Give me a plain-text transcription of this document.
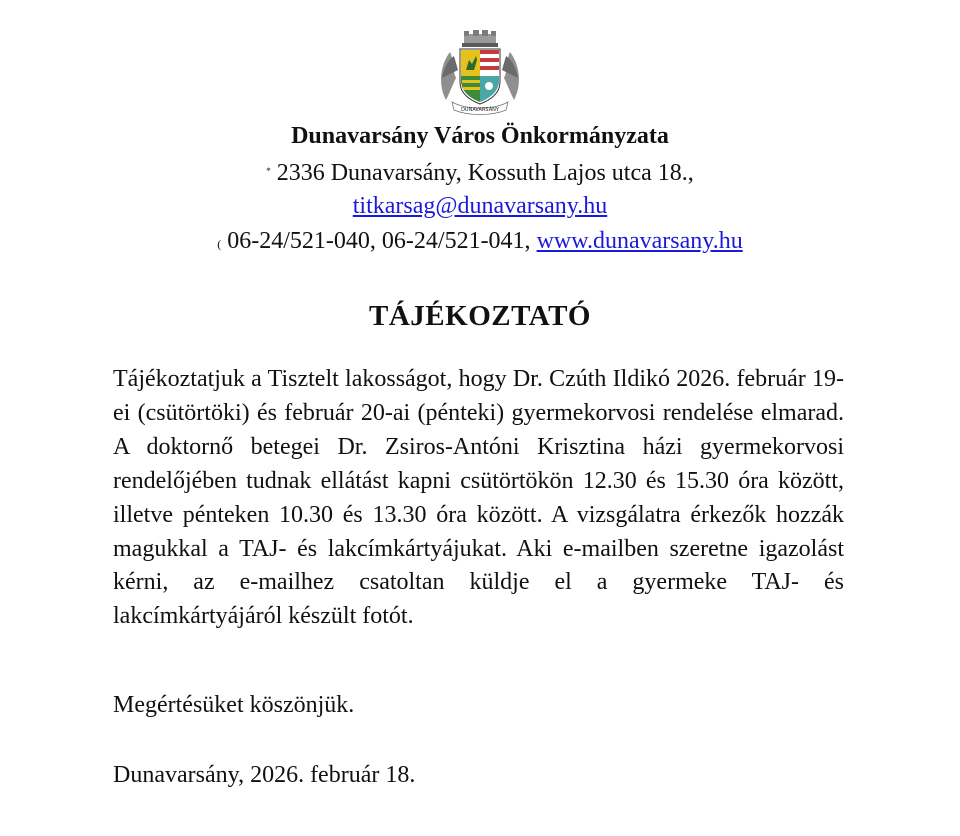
DUNAVARSÁNY
Dunavarsány Város Önkormányzata
* 2336 Dunavarsány, Kossuth Lajos utca 18.,
titkarsag@dunavarsany.hu
( 06-24/521-040, 06-24/521-041, www.dunavarsany.hu
TÁJÉKOZTATÓ
Tájékoztatjuk a Tisztelt lakosságot, hogy Dr. Czúth Ildikó 2026. február 19-ei (csütörtöki) és február 20-ai (pénteki) gyermekorvosi rendelése elmarad. A doktornő betegei Dr. Zsiros-Antóni Krisztina házi gyermekorvosi rendelőjében tudnak ellátást kapni csütörtökön 12.30 és 15.30 óra között, illetve pénteken 10.30 és 13.30 óra között. A vizsgálatra érkezők hozzák magukkal a TAJ- és lakcímkártyájukat. Aki e-mailben szeretne igazolást kérni, az e-mailhez csatoltan küldje el a gyermeke TAJ- és lakcímkártyájáról készült fotót.
Megértésüket köszönjük.
Dunavarsány, 2026. február 18.
